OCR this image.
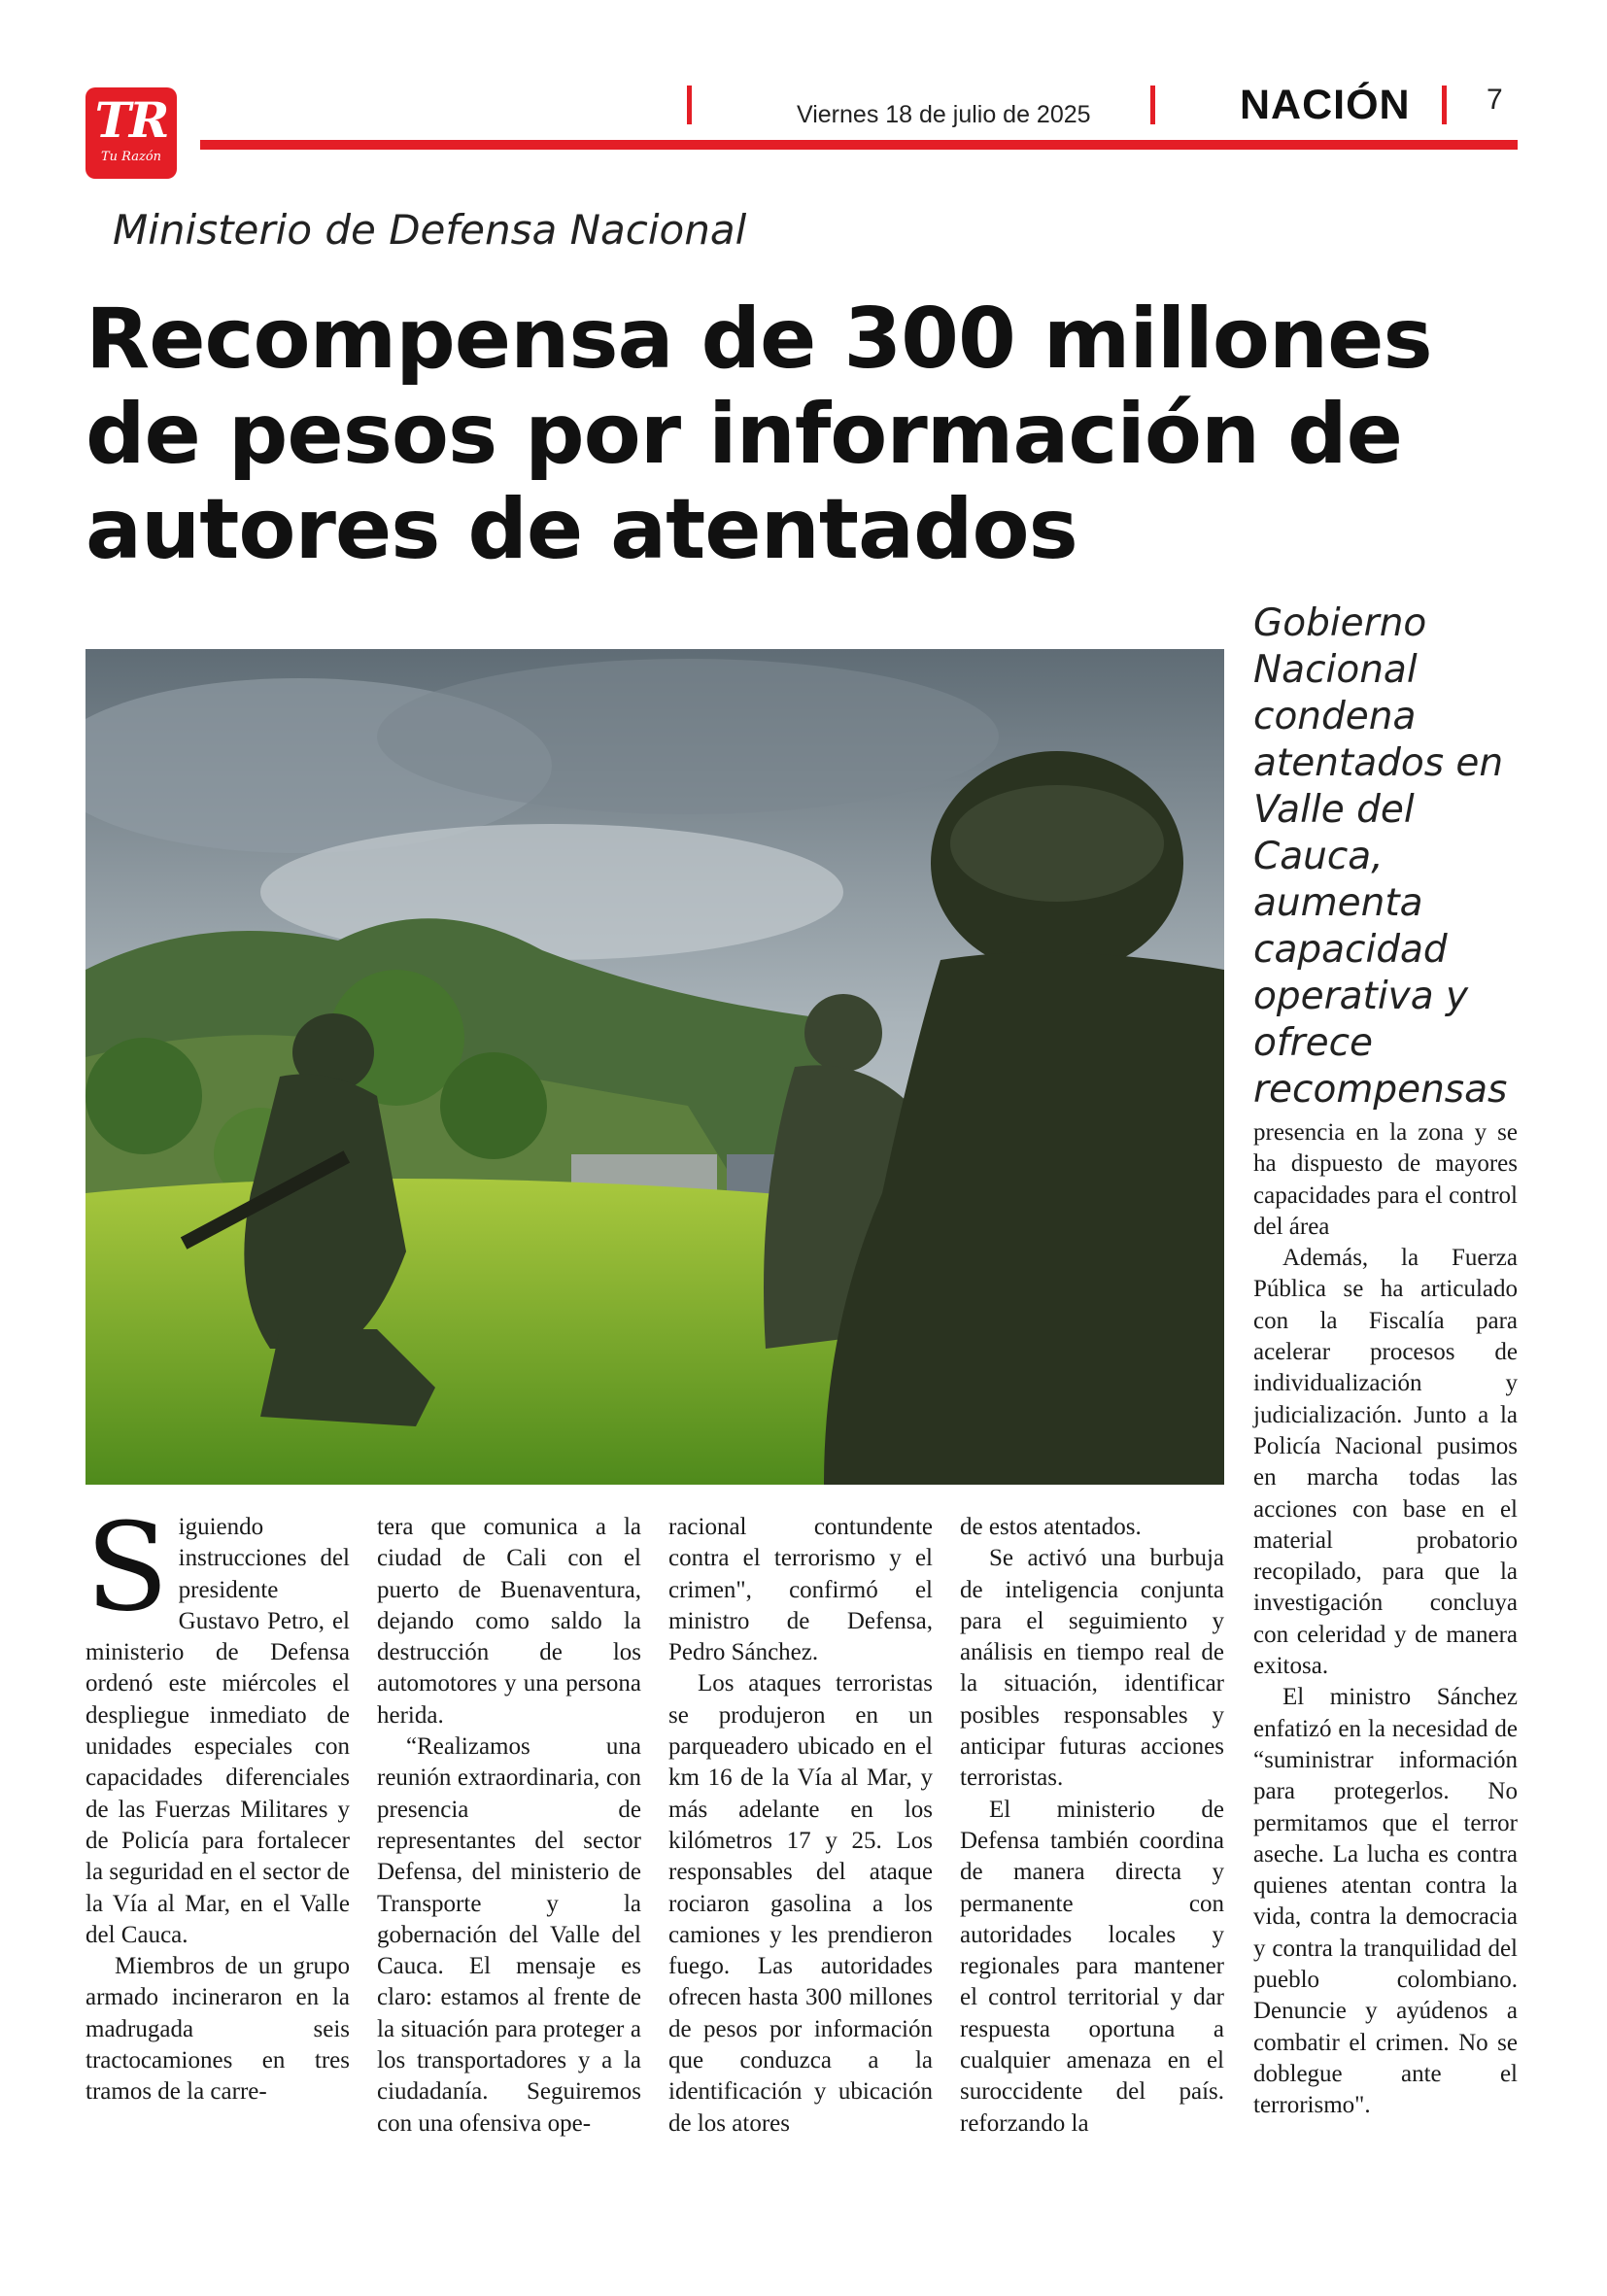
TR
Tu Razón
Viernes 18 de julio de 2025	NACIÓN	7
Ministerio de Defensa Nacional
Recompensa de 300 millones de pesos por información de autores de atentados

Gobierno Nacional condena atentados en Valle del Cauca, aumenta capacidad operativa y ofrece recompensas

Siguiendo instrucciones del presidente Gustavo Petro, el ministerio de Defensa ordenó este miércoles el despliegue inmediato de unidades especiales con capacidades diferenciales de las Fuerzas Militares y de Policía para fortalecer la seguridad en el sector de la Vía al Mar, en el Valle del Cauca.

Miembros de un grupo armado incineraron en la madrugada seis tractocamiones en tres tramos de la carre-

tera que comunica a la ciudad de Cali con el puerto de Buenaventura, dejando como saldo la destrucción de los automotores y una persona herida.

“Realizamos una reunión extraordinaria, con presencia de representantes del sector Defensa, del ministerio de Transporte y la gobernación del Valle del Cauca. El mensaje es claro: estamos al frente de la situación para proteger a los transportadores y a la ciudadanía. Seguiremos con una ofensiva ope-

racional contundente contra el terrorismo y el crimen", confirmó el ministro de Defensa, Pedro Sánchez.

Los ataques terroristas se produjeron en un parqueadero ubicado en el km 16 de la Vía al Mar, y más adelante en los kilómetros 17 y 25. Los responsables del ataque rociaron gasolina a los camiones y les prendieron fuego. Las autoridades ofrecen hasta 300 millones de pesos por información que conduzca a la identificación y ubicación de los atores

de estos atentados.

Se activó una burbuja de inteligencia conjunta para el seguimiento y análisis en tiempo real de la situación, identificar posibles responsables y anticipar futuras acciones terroristas.

El ministerio de Defensa también coordina de manera directa y permanente con autoridades locales y regionales para mantener el control territorial y dar respuesta oportuna a cualquier amenaza en el suroccidente del país. reforzando la

presencia en la zona y se ha dispuesto de mayores capacidades para el control del área

Además, la Fuerza Pública se ha articulado con la Fiscalía para acelerar procesos de individualización y judicialización. Junto a la Policía Nacional pusimos en marcha todas las acciones con base en el material probatorio recopilado, para que la investigación concluya con celeridad y de manera exitosa.

El ministro Sánchez enfatizó en la necesidad de “suministrar información para protegerlos. No permitamos que el terror aseche. La lucha es contra quienes atentan contra la vida, contra la democracia y contra la tranquilidad del pueblo colombiano. Denuncie y ayúdenos a combatir el crimen. No se doblegue ante el terrorismo".
